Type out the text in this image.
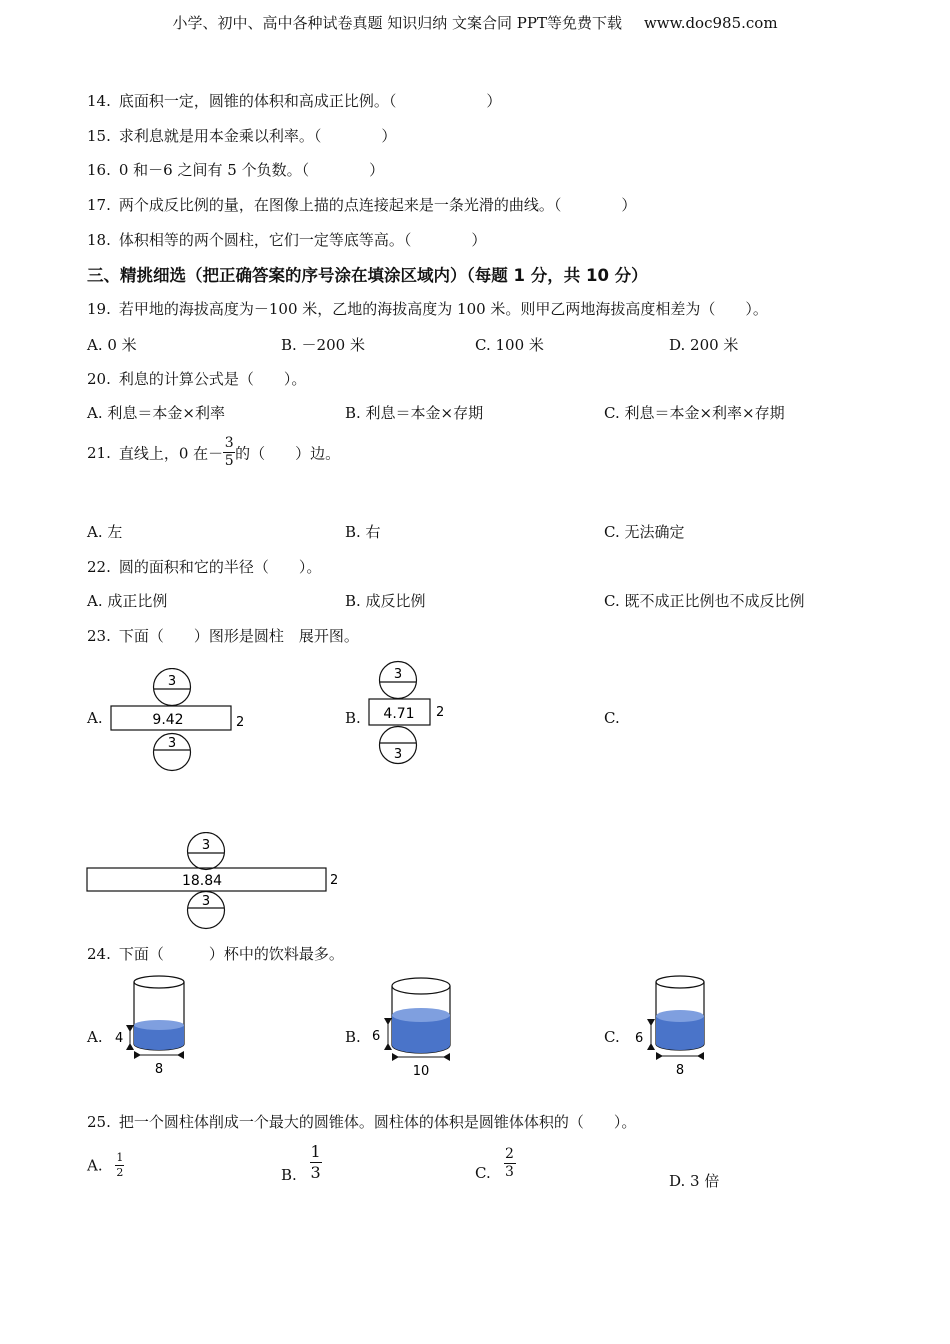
小学、初中、高中各种试卷真题 知识归纳 文案合同 PPT等免费下载 www.doc985.com
14. 底面积一定，圆锥的体积和高成正比例。（　　　　　　）
15. 求利息就是用本金乘以利率。（　　　　）
16. 0 和－6 之间有 5 个负数。（　　　　）
17. 两个成反比例的量，在图像上描的点连接起来是一条光滑的曲线。（　　　　）
18. 体积相等的两个圆柱，它们一定等底等高。（　　　　）
三、精挑细选（把正确答案的序号涂在填涂区域内）（每题 1 分，共 10 分）
19. 若甲地的海拔高度为－100 米，乙地的海拔高度为 100 米。则甲乙两地海拔高度相差为（　　）。
A. 0 米	B. －200 米	C. 100 米	D. 200 米
20. 利息的计算公式是（　　）。
A. 利息＝本金×利率	B. 利息＝本金×存期	C. 利息＝本金×利率×存期
21. 直线上，0 在－ $\frac{3}{5}$ 的（　　）边。
A. 左	B. 右	C. 无法确定
22. 圆的面积和它的半径（　　）。
A. 成正比例	B. 成反比例	C. 既不成正比例也不成反比例
23. 下面（　　）图形是圆柱　展开图。
A.
3
9.42	2
3
B.
3
4.71 2
3
C.
3
18.84	2
3
24. 下面（　　　）杯中的饮料最多。
A. 4
8
B. 6
10
C. 6
8
25. 把一个圆柱体削成一个最大的圆锥体。圆柱体的体积是圆锥体体积的（　　）。
A. $\frac{1}{2}$	B. $\frac{1}{3}$	C. $\frac{2}{3}$
D. 3 倍
